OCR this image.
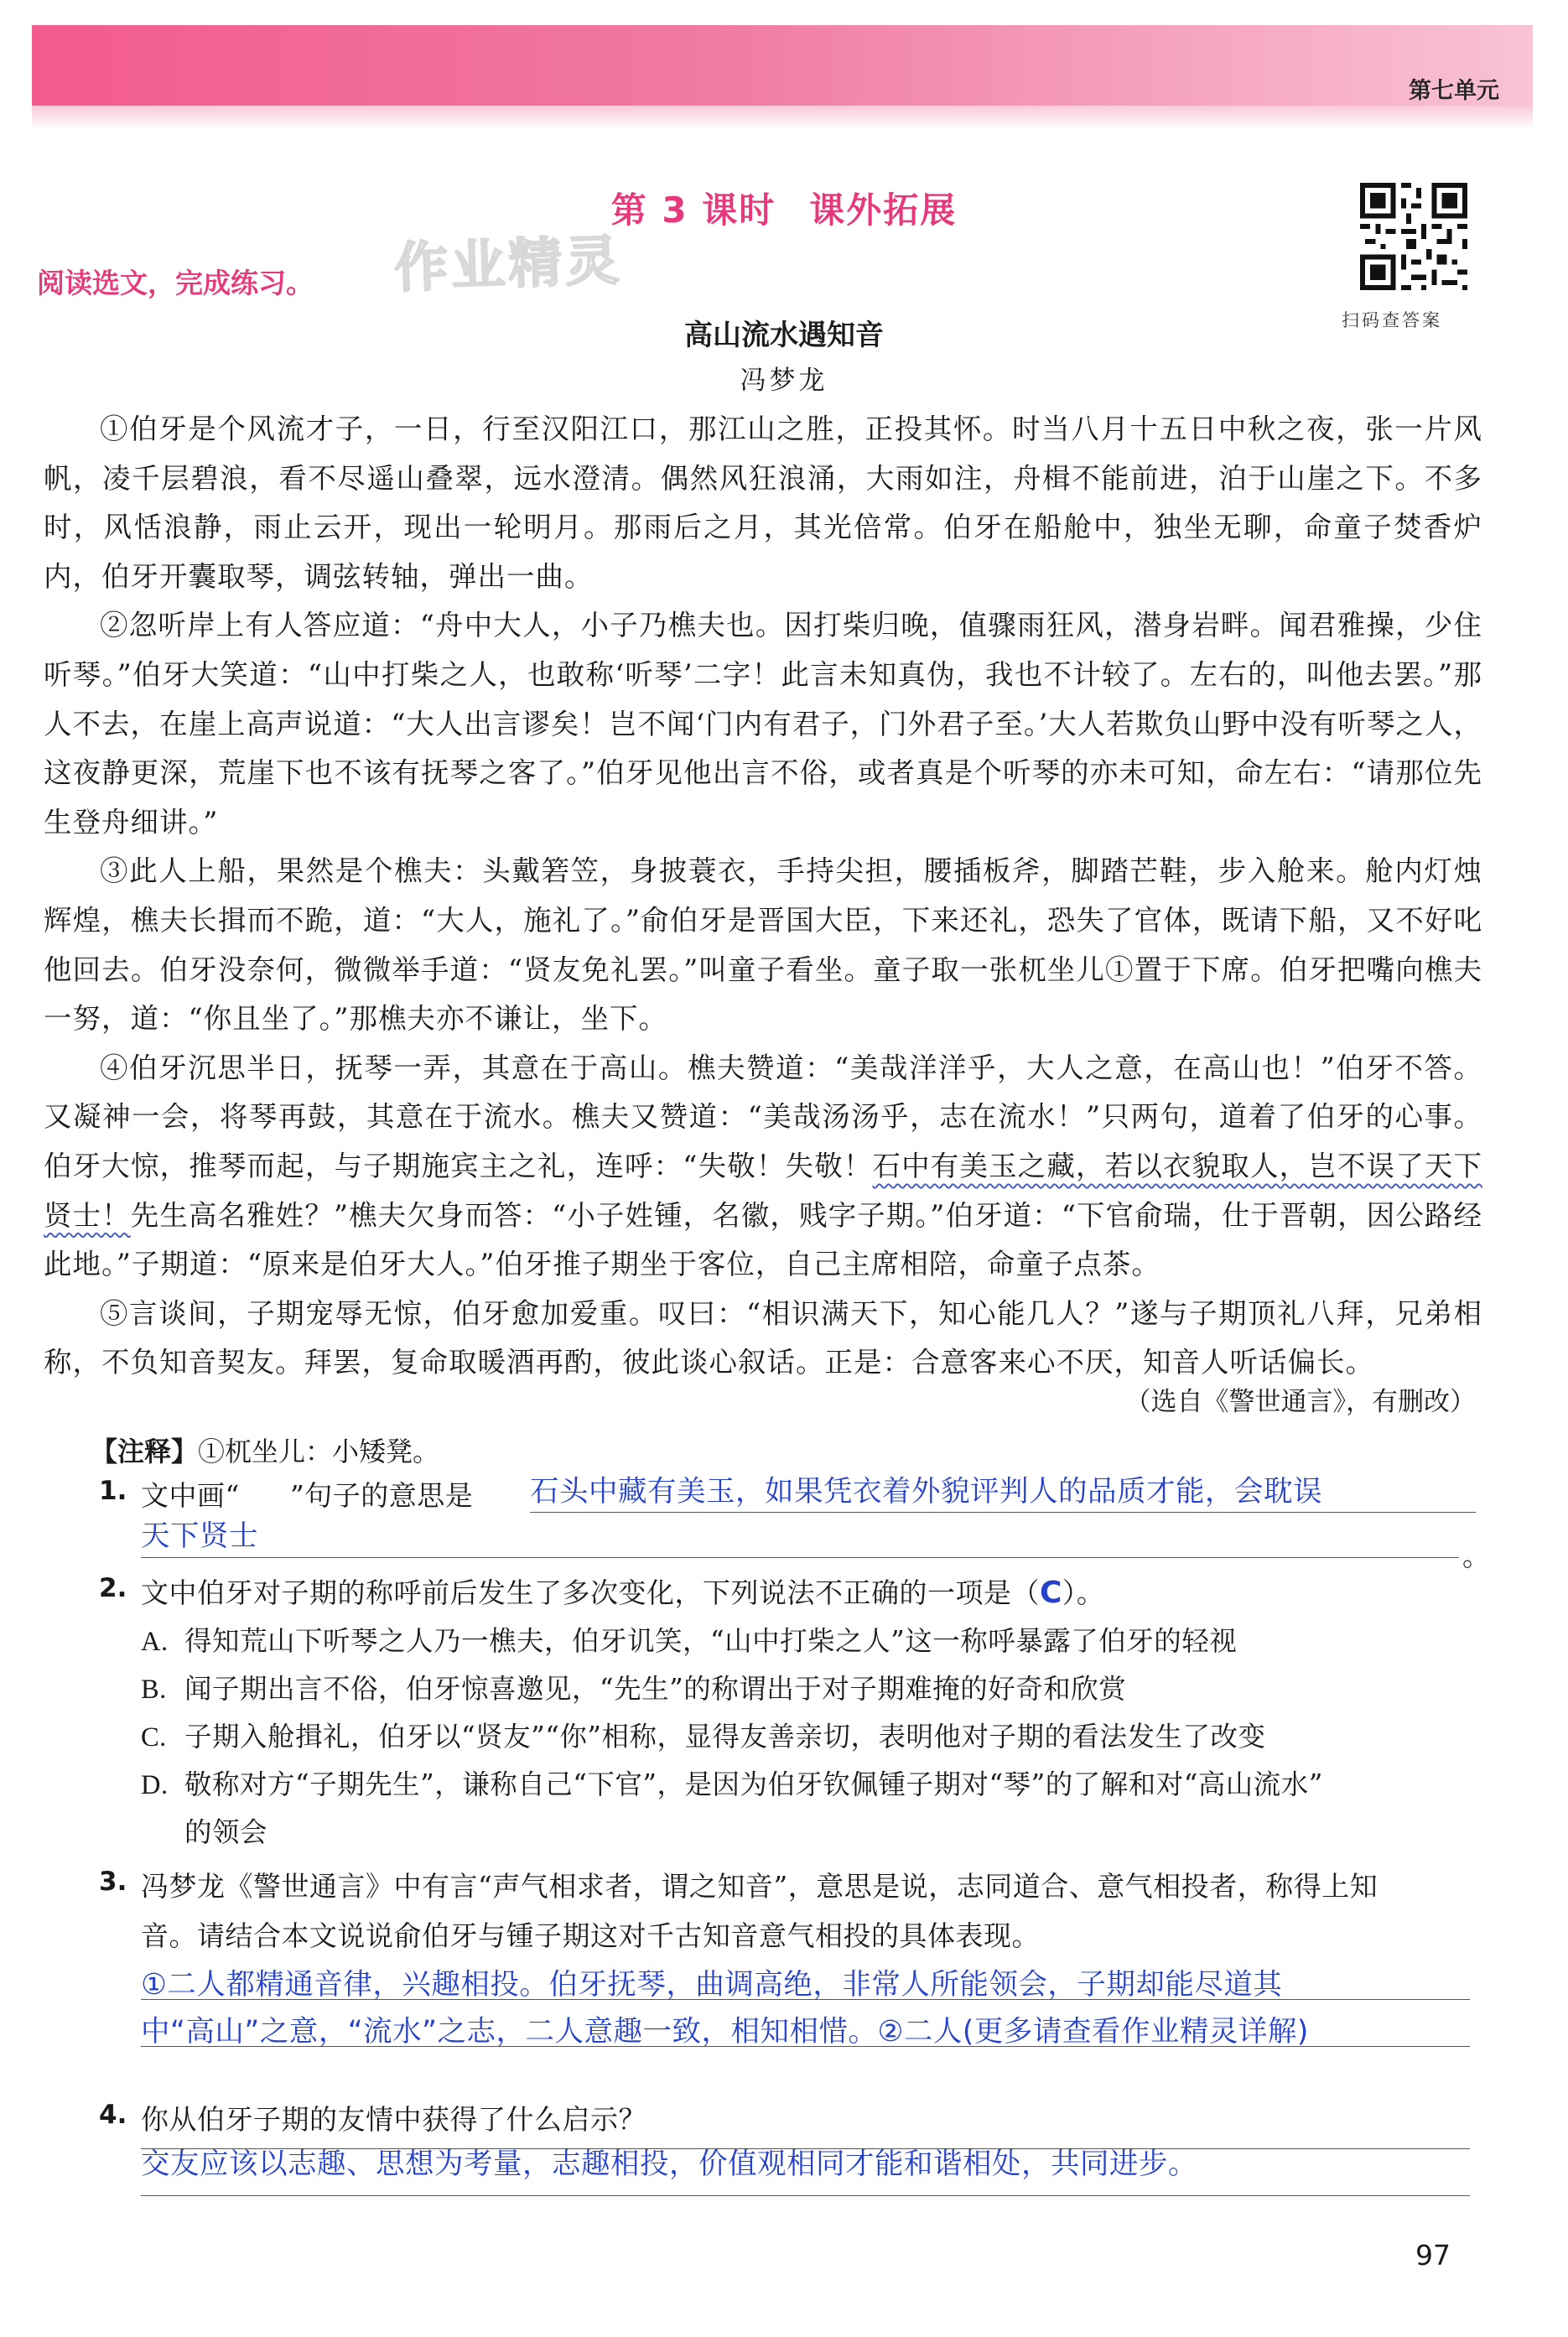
第七单元
第 3 课时 课外拓展
阅读选文，完成练习。 作业精灵
扫码查答案
高山流水遇知音
冯梦龙

①伯牙是个风流才子，一日，行至汉阳江口，那江山之胜，正投其怀。时当八月十五日中秋之夜，张一片风帆，凌千层碧浪，看不尽遥山叠翠，远水澄清。偶然风狂浪涌，大雨如注，舟楫不能前进，泊于山崖之下。不多时，风恬浪静，雨止云开，现出一轮明月。那雨后之月，其光倍常。伯牙在船舱中，独坐无聊，命童子焚香炉内，伯牙开囊取琴，调弦转轴，弹出一曲。

②忽听岸上有人答应道：“舟中大人，小子乃樵夫也。因打柴归晚，值骤雨狂风，潜身岩畔。闻君雅操，少住听琴。”伯牙大笑道：“山中打柴之人，也敢称‘听琴’二字！此言未知真伪，我也不计较了。左右的，叫他去罢。”那人不去，在崖上高声说道：“大人出言谬矣！岂不闻‘门内有君子，门外君子至。’大人若欺负山野中没有听琴之人，这夜静更深，荒崖下也不该有抚琴之客了。”伯牙见他出言不俗，或者真是个听琴的亦未可知，命左右：“请那位先生登舟细讲。”

③此人上船，果然是个樵夫：头戴箬笠，身披蓑衣，手持尖担，腰插板斧，脚踏芒鞋，步入舱来。舱内灯烛辉煌，樵夫长揖而不跪，道：“大人，施礼了。”俞伯牙是晋国大臣，下来还礼，恐失了官体，既请下船，又不好叱他回去。伯牙没奈何，微微举手道：“贤友免礼罢。”叫童子看坐。童子取一张杌坐儿①置于下席。伯牙把嘴向樵夫一努，道：“你且坐了。”那樵夫亦不谦让，坐下。

④伯牙沉思半日，抚琴一弄，其意在于高山。樵夫赞道：“美哉洋洋乎，大人之意，在高山也！”伯牙不答。又凝神一会，将琴再鼓，其意在于流水。樵夫又赞道：“美哉汤汤乎，志在流水！”只两句，道着了伯牙的心事。伯牙大惊，推琴而起，与子期施宾主之礼，连呼：“失敬！失敬！石中有美玉之藏，若以衣貌取人，岂不误了天下贤士！先生高名雅姓？”樵夫欠身而答：“小子姓锺，名徽，贱字子期。”伯牙道：“下官俞瑞，仕于晋朝，因公路经此地。”子期道：“原来是伯牙大人。”伯牙推子期坐于客位，自己主席相陪，命童子点茶。

⑤言谈间，子期宠辱无惊，伯牙愈加爱重。叹曰：“相识满天下，知心能几人？”遂与子期顶礼八拜，兄弟相称，不负知音契友。拜罢，复命取暖酒再酌，彼此谈心叙话。正是：合意客来心不厌，知音人听话偏长。

（选自《警世通言》，有删改）
【注释】①杌坐儿：小矮凳。
1. 文中画“ ”句子的意思是 石头中藏有美玉，如果凭衣着外貌评判人的品质才能，会耽误
天下贤士
。
2. 文中伯牙对子期的称呼前后发生了多次变化，下列说法不正确的一项是（C）。
A. 得知荒山下听琴之人乃一樵夫，伯牙讥笑，“山中打柴之人”这一称呼暴露了伯牙的轻视
B. 闻子期出言不俗，伯牙惊喜邀见，“先生”的称谓出于对子期难掩的好奇和欣赏
C. 子期入舱揖礼，伯牙以“贤友”“你”相称，显得友善亲切，表明他对子期的看法发生了改变
D. 敬称对方“子期先生”，谦称自己“下官”，是因为伯牙钦佩锺子期对“琴”的了解和对“高山流水”
的领会
3. 冯梦龙《警世通言》中有言“声气相求者，谓之知音”，意思是说，志同道合、意气相投者，称得上知
音。请结合本文说说俞伯牙与锺子期这对千古知音意气相投的具体表现。
①二人都精通音律，兴趣相投。伯牙抚琴，曲调高绝，非常人所能领会，子期却能尽道其
中“高山”之意，“流水”之志，二人意趣一致，相知相惜。②二人(更多请查看作业精灵详解)
4. 你从伯牙子期的友情中获得了什么启示？
交友应该以志趣、思想为考量，志趣相投，价值观相同才能和谐相处，共同进步。
97
